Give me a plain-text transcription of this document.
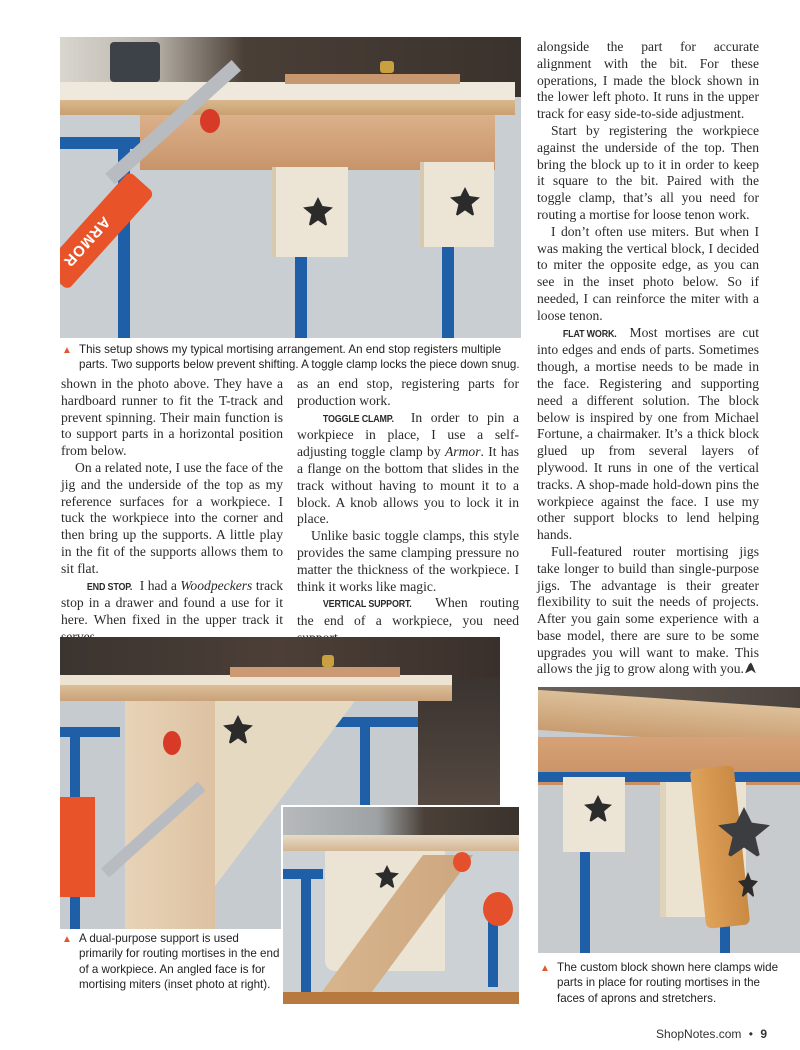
ARMOR
▲ This setup shows my typical mortising arrangement. An end stop registers multiple parts. Two supports below prevent shifting. A toggle clamp locks the piece down snug.

shown in the photo above. They have a hardboard runner to fit the T-track and prevent spinning. Their main function is to support parts in a horizontal position from below.

On a related note, I use the face of the jig and the underside of the top as my reference surfaces for a workpiece. I tuck the workpiece into the corner and then bring up the supports. A little play in the fit of the supports allows them to sit flat.

END STOP. I had a Woodpeckers track stop in a drawer and found a use for it here. When fixed in the upper track it

as an end stop, registering parts for production work.

TOGGLE CLAMP. In order to pin a workpiece in place, I use a self-adjusting toggle clamp by Armor. It has a flange on the bottom that slides in the track without having to mount it to a block. A knob allows you to lock it in place.

Unlike basic toggle clamps, this style provides the same clamping pressure no matter the thickness of the workpiece. I think it works like magic.

VERTICAL SUPPORT. When routing the end of a workpiece, you need

alongside the part for accurate alignment with the bit. For these operations, I made the block shown in the lower left photo. It runs in the upper track for easy side-to-side adjustment.

Start by registering the workpiece against the underside of the top. Then bring the block up to it in order to keep it square to the bit. Paired with the toggle clamp, that’s all you need for routing a mortise for loose tenon work.

I don’t often use miters. But when I was making the vertical block, I decided to miter the opposite edge, as you can see in the inset photo below. So if needed, I can reinforce the miter with a loose tenon.

FLAT WORK. Most mortises are cut into edges and ends of parts. Sometimes though, a mortise needs to be made in the face. Registering and supporting need a different solution. The block below is inspired by one from Michael Fortune, a chairmaker. It’s a thick block glued up from several layers of plywood. It runs in one of the vertical tracks. A shop-made hold-down pins the workpiece against the face. I use my other support blocks to lend helping hands.

Full-featured router mortising jigs take longer to build than single-purpose jigs. The advantage is their greater flexibility to suit the needs of projects. After you gain some experience with a base model, there are sure to be some upgrades you will want to make. This allows the jig to grow along with you.

▲ A dual-purpose support is used primarily for routing mortises in the end of a workpiece. An angled face is for mortising miters (inset photo at right).
▲ The custom block shown here clamps wide parts in place for routing mortises in the faces of aprons and stretchers.
ShopNotes.com • 9
